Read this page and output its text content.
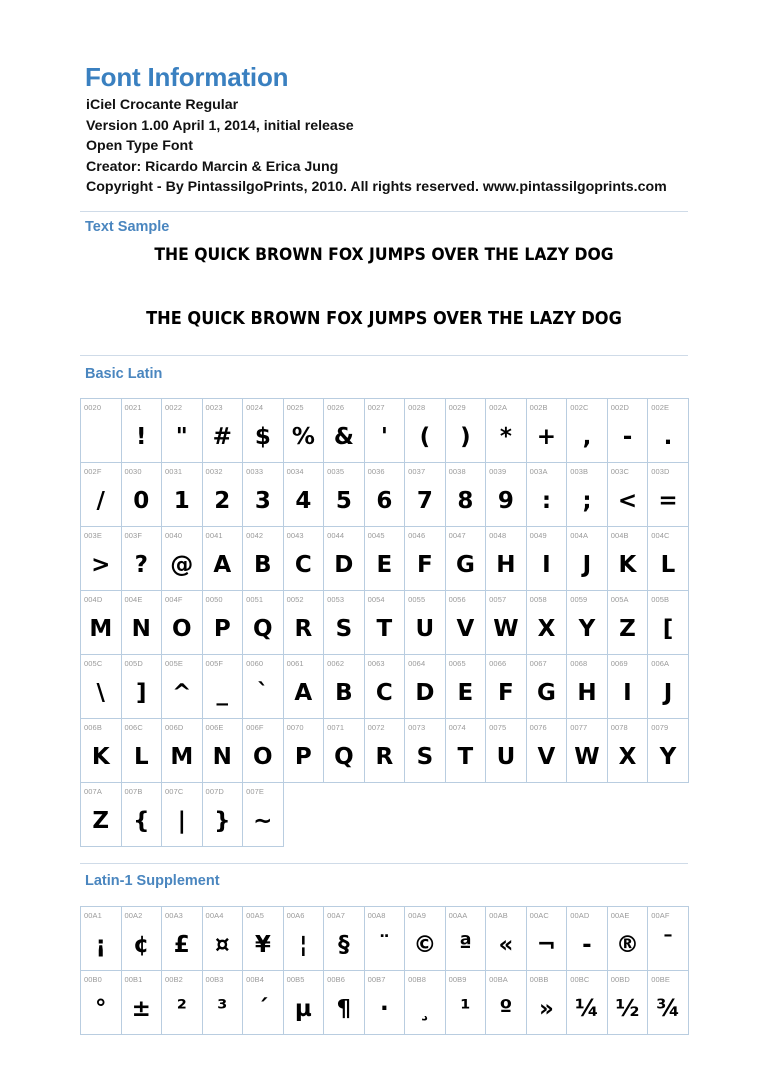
Font Information
iCiel Crocante Regular
Version 1.00 April 1, 2014, initial release
Open Type Font
Creator: Ricardo Marcin & Erica Jung
Copyright - By PintassilgoPrints, 2010. All rights reserved. www.pintassilgoprints.com
Text Sample
THE QUICK BROWN FOX JUMPS OVER THE LAZY DOG
THE QUICK BROWN FOX JUMPS OVER THE LAZY DOG
Basic Latin
0020	0021
!
0022
"
0023
#
0024
$
0025
%
0026
&
0027
'
0028
(
0029
)
002A
*
002B
+
002C
,
002D
-
002E
.
002F
/
0030
0
0031
1
0032
2
0033
3
0034
4
0035
5
0036
6
0037
7
0038
8
0039
9
003A
:
003B
;
003C
<
003D
=
003E
>
003F
?
0040
@
0041
A
0042
B
0043
C
0044
D
0045
E
0046
F
0047
G
0048
H
0049
I
004A
J
004B
K
004C
L
004D
M
004E
N
004F
O
0050
P
0051
Q
0052
R
0053
S
0054
T
0055
U
0056
V
0057
W
0058
X
0059
Y
005A
Z
005B
[
005C
\
005D
]
005E
^
005F
_
0060
`
0061
A
0062
B
0063
C
0064
D
0065
E
0066
F
0067
G
0068
H
0069
I
006A
J
006B
K
006C
L
006D
M
006E
N
006F
O
0070
P
0071
Q
0072
R
0073
S
0074
T
0075
U
0076
V
0077
W
0078
X
0079
Y
007A
Z
007B
{
007C
|
007D
}
007E
~
Latin-1 Supplement
00A1
¡
00A2
¢
00A3
£
00A4
¤
00A5
¥
00A6
¦
00A7
§
00A8
¨
00A9
©
00AA
ª
00AB
«
00AC
¬
00AD
-
00AE
®
00AF
¯
00B0
°
00B1
±
00B2
²
00B3
³
00B4
´
00B5
µ
00B6
¶
00B7
·
00B8
¸
00B9
¹
00BA
º
00BB
»
00BC
¼
00BD
½
00BE
¾
